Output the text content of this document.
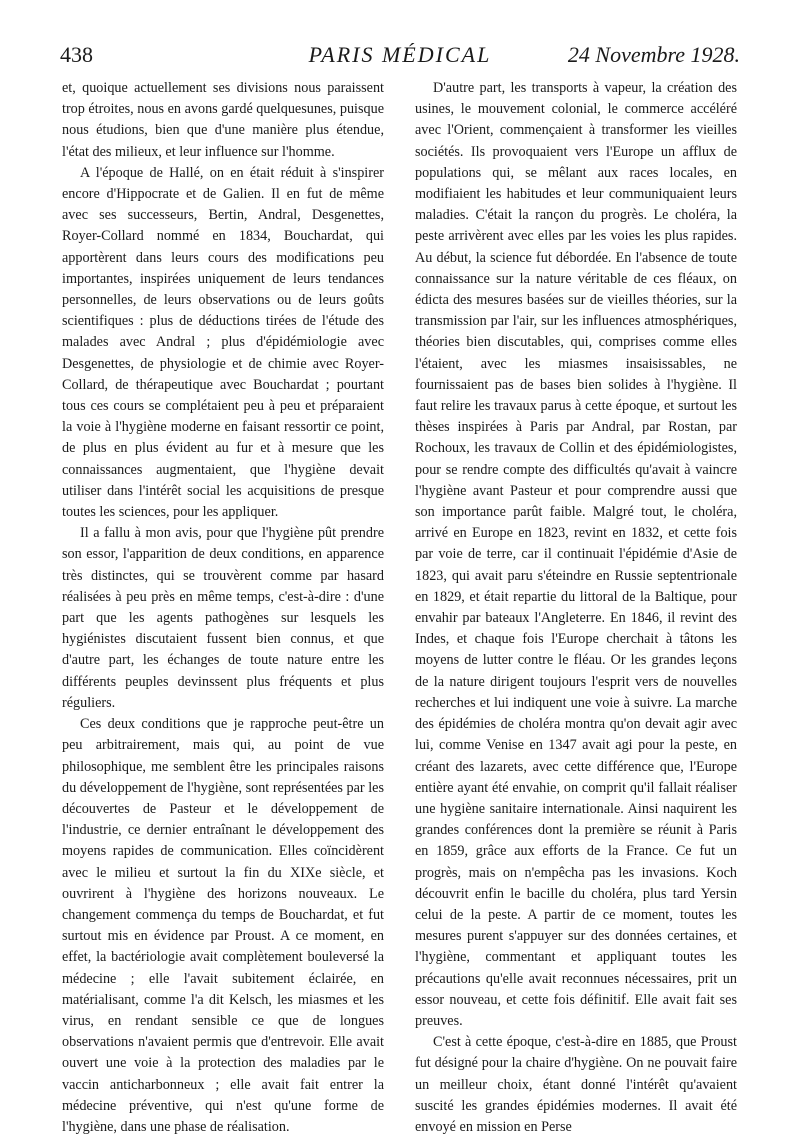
PARIS MÉDICAL
438	24 Novembre 1928.

et, quoique actuellement ses divisions nous paraissent trop étroites, nous en avons gardé quelquesunes, puisque nous étudions, bien que d'une manière plus étendue, l'état des milieux, et leur influence sur l'homme.

A l'époque de Hallé, on en était réduit à s'inspirer encore d'Hippocrate et de Galien. Il en fut de même avec ses successeurs, Bertin, Andral, Desgenettes, Royer-Collard nommé en 1834, Bouchardat, qui apportèrent dans leurs cours des modifications peu importantes, inspirées uniquement de leurs tendances personnelles, de leurs observations ou de leurs goûts scientifiques : plus de déductions tirées de l'étude des malades avec Andral ; plus d'épidémiologie avec Desgenettes, de physiologie et de chimie avec Royer-Collard, de thérapeutique avec Bouchardat ; pourtant tous ces cours se complétaient peu à peu et préparaient la voie à l'hygiène moderne en faisant ressortir ce point, de plus en plus évident au fur et à mesure que les connaissances augmentaient, que l'hygiène devait utiliser dans l'intérêt social les acquisitions de presque toutes les sciences, pour les appliquer.

Il a fallu à mon avis, pour que l'hygiène pût prendre son essor, l'apparition de deux conditions, en apparence très distinctes, qui se trouvèrent comme par hasard réalisées à peu près en même temps, c'est-à-dire : d'une part que les agents pathogènes sur lesquels les hygiénistes discutaient fussent bien connus, et que d'autre part, les échanges de toute nature entre les différents peuples devinssent plus fréquents et plus réguliers.

Ces deux conditions que je rapproche peut-être un peu arbitrairement, mais qui, au point de vue philosophique, me semblent être les principales raisons du développement de l'hygiène, sont représentées par les découvertes de Pasteur et le développement de l'industrie, ce dernier entraînant le développement des moyens rapides de communication. Elles coïncidèrent avec le milieu et surtout la fin du XIXe siècle, et ouvrirent à l'hygiène des horizons nouveaux. Le changement commença du temps de Bouchardat, et fut surtout mis en évidence par Proust. A ce moment, en effet, la bactériologie avait complètement bouleversé la médecine ; elle l'avait subitement éclairée, en matérialisant, comme l'a dit Kelsch, les miasmes et les virus, en rendant sensible ce que de longues observations n'avaient permis que d'entrevoir. Elle avait ouvert une voie à la protection des maladies par le vaccin anticharbonneux ; elle avait fait entrer la médecine préventive, qui n'est qu'une forme de l'hygiène, dans une phase de réalisation.

D'autre part, les transports à vapeur, la création des usines, le mouvement colonial, le commerce accéléré avec l'Orient, commençaient à transformer les vieilles sociétés. Ils provoquaient vers l'Europe un afflux de populations qui, se mêlant aux races locales, en modifiaient les habitudes et leur communiquaient leurs maladies. C'était la rançon du progrès. Le choléra, la peste arrivèrent avec elles par les voies les plus rapides. Au début, la science fut débordée. En l'absence de toute connaissance sur la nature véritable de ces fléaux, on édicta des mesures basées sur de vieilles théories, sur la transmission par l'air, sur les influences atmosphériques, théories bien discutables, qui, comprises comme elles l'étaient, avec les miasmes insaisissables, ne fournissaient pas de bases bien solides à l'hygiène. Il faut relire les travaux parus à cette époque, et surtout les thèses inspirées à Paris par Andral, par Rostan, par Rochoux, les travaux de Collin et des épidémiologistes, pour se rendre compte des difficultés qu'avait à vaincre l'hygiène avant Pasteur et pour comprendre aussi que son importance parût faible. Malgré tout, le choléra, arrivé en Europe en 1823, revint en 1832, et cette fois par voie de terre, car il continuait l'épidémie d'Asie de 1823, qui avait paru s'éteindre en Russie septentrionale en 1829, et était repartie du littoral de la Baltique, pour envahir par bateaux l'Angleterre. En 1846, il revint des Indes, et chaque fois l'Europe cherchait à tâtons les moyens de lutter contre le fléau. Or les grandes leçons de la nature dirigent toujours l'esprit vers de nouvelles recherches et lui indiquent une voie à suivre. La marche des épidémies de choléra montra qu'on devait agir avec lui, comme Venise en 1347 avait agi pour la peste, en créant des lazarets, avec cette différence que, l'Europe entière ayant été envahie, on comprit qu'il fallait réaliser une hygiène sanitaire internationale. Ainsi naquirent les grandes conférences dont la première se réunit à Paris en 1859, grâce aux efforts de la France. Ce fut un progrès, mais on n'empêcha pas les invasions. Koch découvrit enfin le bacille du choléra, plus tard Yersin celui de la peste. A partir de ce moment, toutes les mesures purent s'appuyer sur des données certaines, et l'hygiène, commentant et appliquant toutes les précautions qu'elle avait reconnues nécessaires, prit un essor nouveau, et cette fois définitif. Elle avait fait ses preuves.

C'est à cette époque, c'est-à-dire en 1885, que Proust fut désigné pour la chaire d'hygiène. On ne pouvait faire un meilleur choix, étant donné l'intérêt qu'avaient suscité les grandes épidémies modernes. Il avait été envoyé en mission en Perse
